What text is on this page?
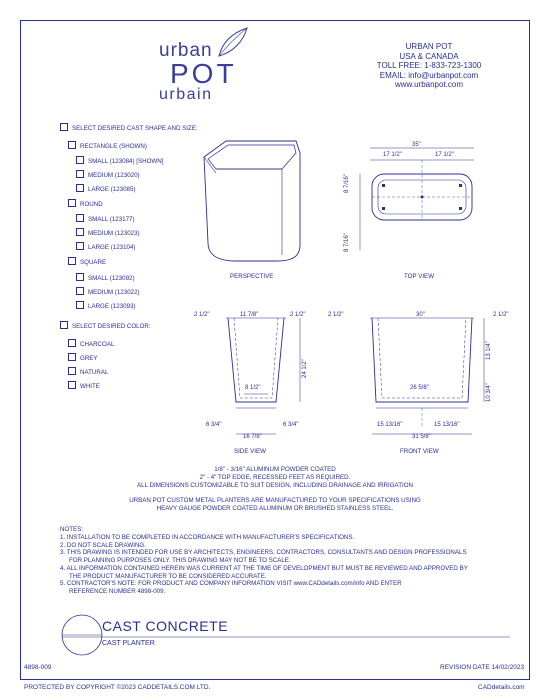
urban
POT
urbain
URBAN POT
USA & CANADA
TOLL FREE: 1-833-723-1300
EMAIL: info@urbanpot.com
www.urbanpot.com
SELECT DESIRED CAST SHAPE AND SIZE:
RECTANGLE (SHOWN)
SMALL (123084) [SHOWN]
MEDIUM (123020)
LARGE (123085)
ROUND
SMALL (123177)
MEDIUM (123023)
LARGE (123104)
SQUARE
SMALL (123092)
MEDIUM (123022)
LARGE (123093)
SELECT DESIRED COLOR:
CHARCOAL
GREY
NATURAL
WHITE
PERSPECTIVE
35"
17 1/2"	17 1/2"
8 7/16"
8 7/16"
TOP VIEW
2 1/2"	11 7/8"	2 1/2"
24 1/2"
8 1/2"
6 3/4"	6 3/4"
16 7/8"
SIDE VIEW
2 1/2"	30"	2 1/2"
13 1/4"
10 3/4"
26 5/8"
15 13/16"	15 13/16"
31 5/8"
FRONT VIEW
1/8" - 3/16" ALUMINUM POWDER COATED
2" - 4" TOP EDGE, RECESSED FEET AS REQUIRED.
ALL DIMENSIONS CUSTOMIZABLE TO SUIT DESIGN, INCLUDING DRAINAGE AND IRRIGATION
URBAN POT CUSTOM METAL PLANTERS ARE MANUFACTURED TO YOUR SPECIFICATIONS USING
HEAVY GAUGE POWDER COATED ALUMINUM OR BRUSHED STAINLESS STEEL.
NOTES:
1. INSTALLATION TO BE COMPLETED IN ACCORDANCE WITH MANUFACTURER'S SPECIFICATIONS.
2. DO NOT SCALE DRAWING.
3. THIS DRAWING IS INTENDED FOR USE BY ARCHITECTS, ENGINEERS, CONTRACTORS, CONSULTANTS AND DESIGN PROFESSIONALS
FOR PLANNING PURPOSES ONLY. THIS DRAWING MAY NOT BE TO SCALE.
4. ALL INFORMATION CONTAINED HEREIN WAS CURRENT AT THE TIME OF DEVELOPMENT BUT MUST BE REVIEWED AND APPROVED BY
THE PRODUCT MANUFACTURER TO BE CONSIDERED ACCURATE.
5. CONTRACTOR'S NOTE: FOR PRODUCT AND COMPANY INFORMATION VISIT www.CADdetails.com/info AND ENTER
REFERENCE NUMBER 4898-009.
CAST CONCRETE
CAST PLANTER
4898-009	REVISION DATE 14/02/2023
PROTECTED BY COPYRIGHT ©2023 CADDETAILS.COM LTD.	CADdetails.com
